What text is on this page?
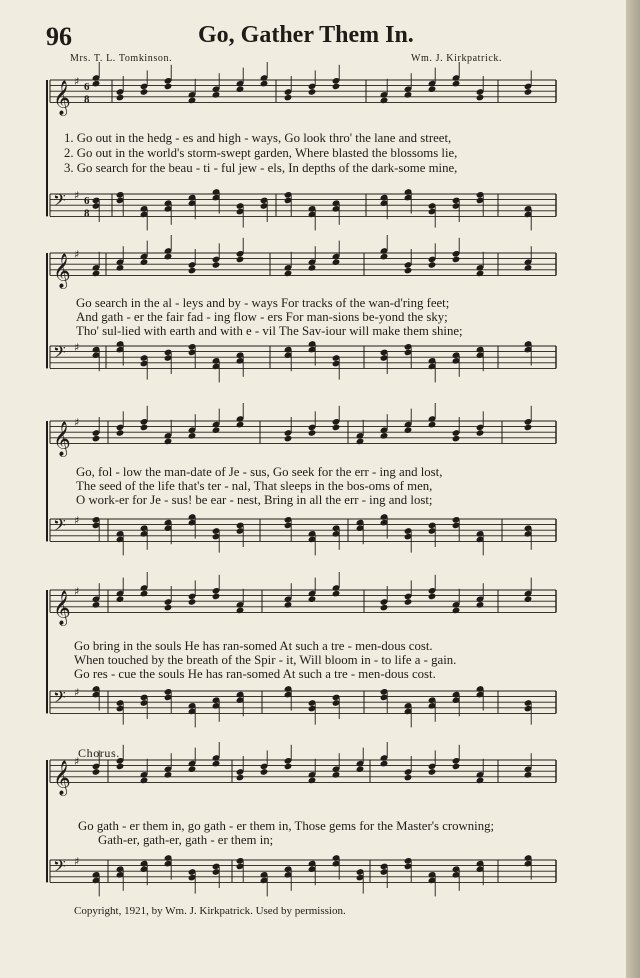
𝄞 ♯ 6
8
𝄢 ♯ 6
8
𝄞 ♯
𝄢 ♯
𝄞 ♯
𝄢 ♯
𝄞 ♯
𝄢 ♯
𝄞 ♯
𝄢 ♯
96	Go, Gather Them In.
Mrs. T. L. Tomkinson.	Wm. J. Kirkpatrick.
1. Go out in the hedg - es and high - ways, Go look thro' the lane and street,
2. Go out in the world's storm-swept garden, Where blasted the blossoms lie,
3. Go search for the beau - ti - ful jew - els, In depths of the dark-some mine,
Go search in the al - leys and by - ways For tracks of the wan-d'ring feet;
And gath - er the fair fad - ing flow - ers For man-sions be-yond the sky;
Tho' sul-lied with earth and with e - vil The Sav-iour will make them shine;
Go, fol - low the man-date of Je - sus, Go seek for the err - ing and lost,
The seed of the life that's ter - nal, That sleeps in the bos-oms of men,
O work-er for Je - sus! be ear - nest, Bring in all the err - ing and lost;
Go bring in the souls He has ran-somed At such a tre - men-dous cost.
When touched by the breath of the Spir - it, Will bloom in - to life a - gain.
Go res - cue the souls He has ran-somed At such a tre - men-dous cost.
Chorus.
Go gath - er them in, go gath - er them in, Those gems for the Master's crowning;
Gath-er, gath-er, gath - er them in;
Copyright, 1921, by Wm. J. Kirkpatrick. Used by permission.
